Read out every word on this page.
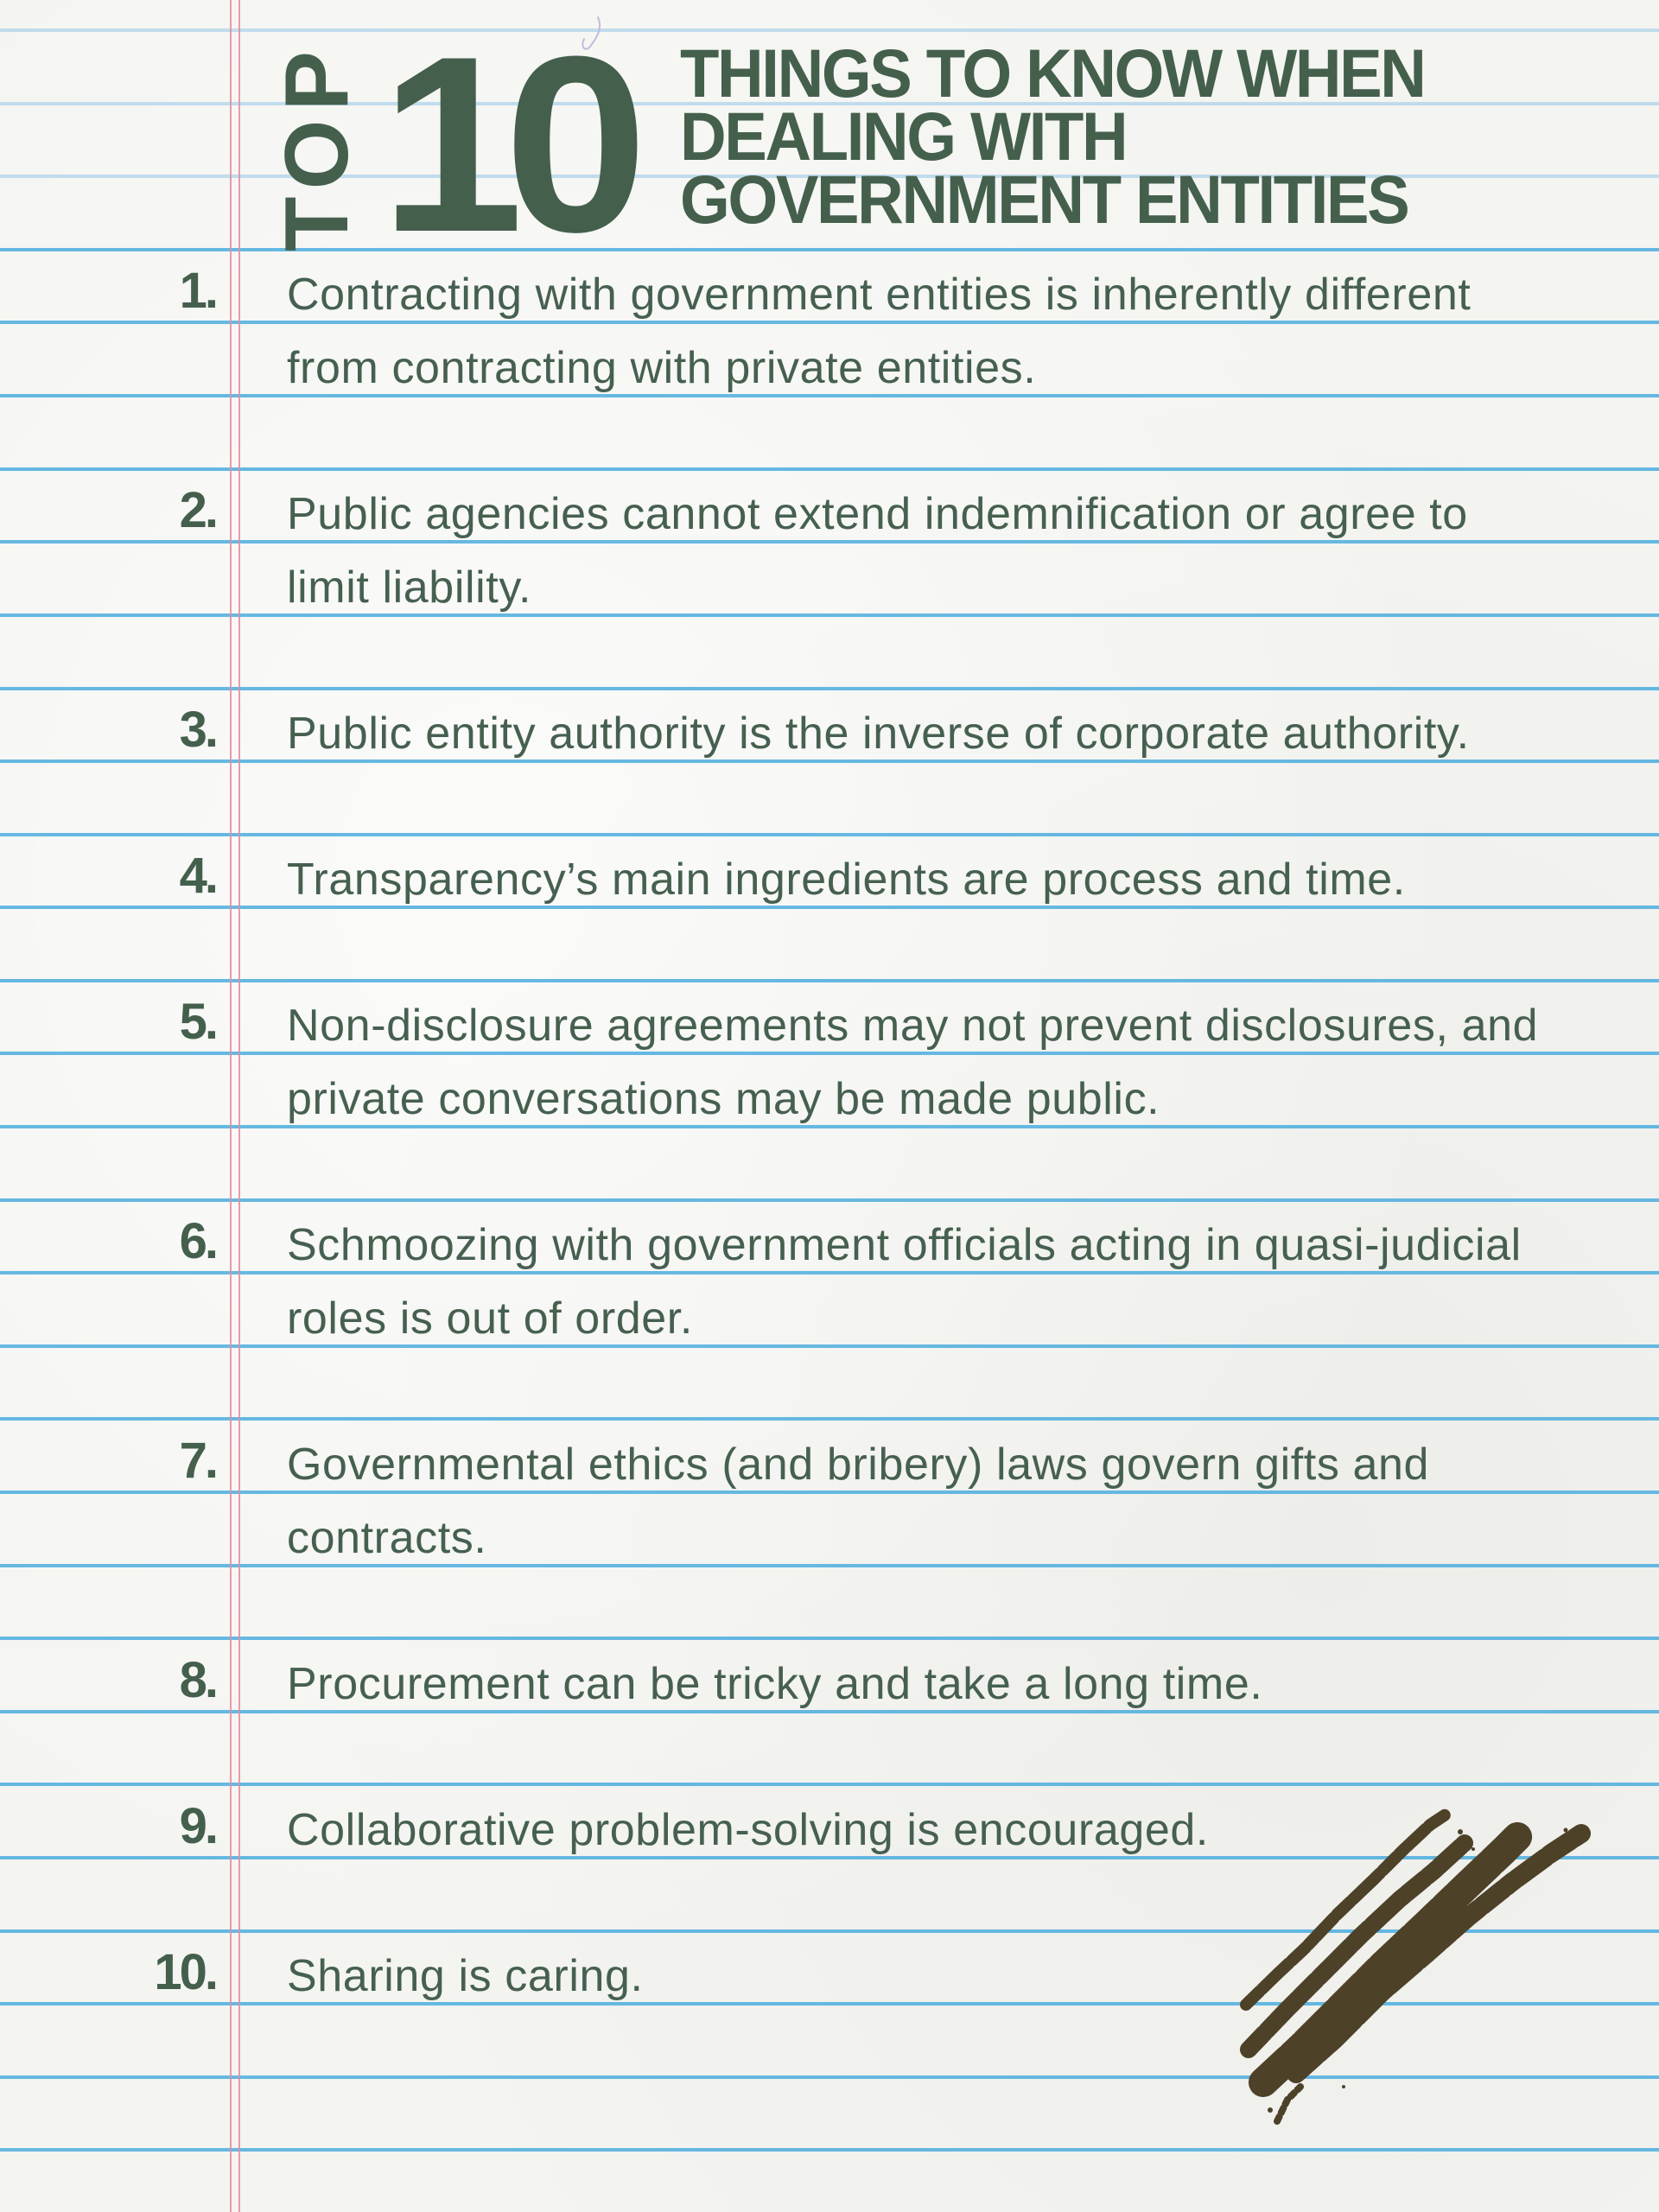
TOP 10 THINGS TO KNOW WHEN
DEALING WITH
GOVERNMENT ENTITIES
1. Contracting with government entities is inherently different
from contracting with private entities.
2. Public agencies cannot extend indemnification or agree to
limit liability.
3. Public entity authority is the inverse of corporate authority.
4. Transparency’s main ingredients are process and time.
5. Non-disclosure agreements may not prevent disclosures, and
private conversations may be made public.
6. Schmoozing with government officials acting in quasi-judicial
roles is out of order.
7. Governmental ethics (and bribery) laws govern gifts and
contracts.
8. Procurement can be tricky and take a long time.
9. Collaborative problem-solving is encouraged.
10. Sharing is caring.
